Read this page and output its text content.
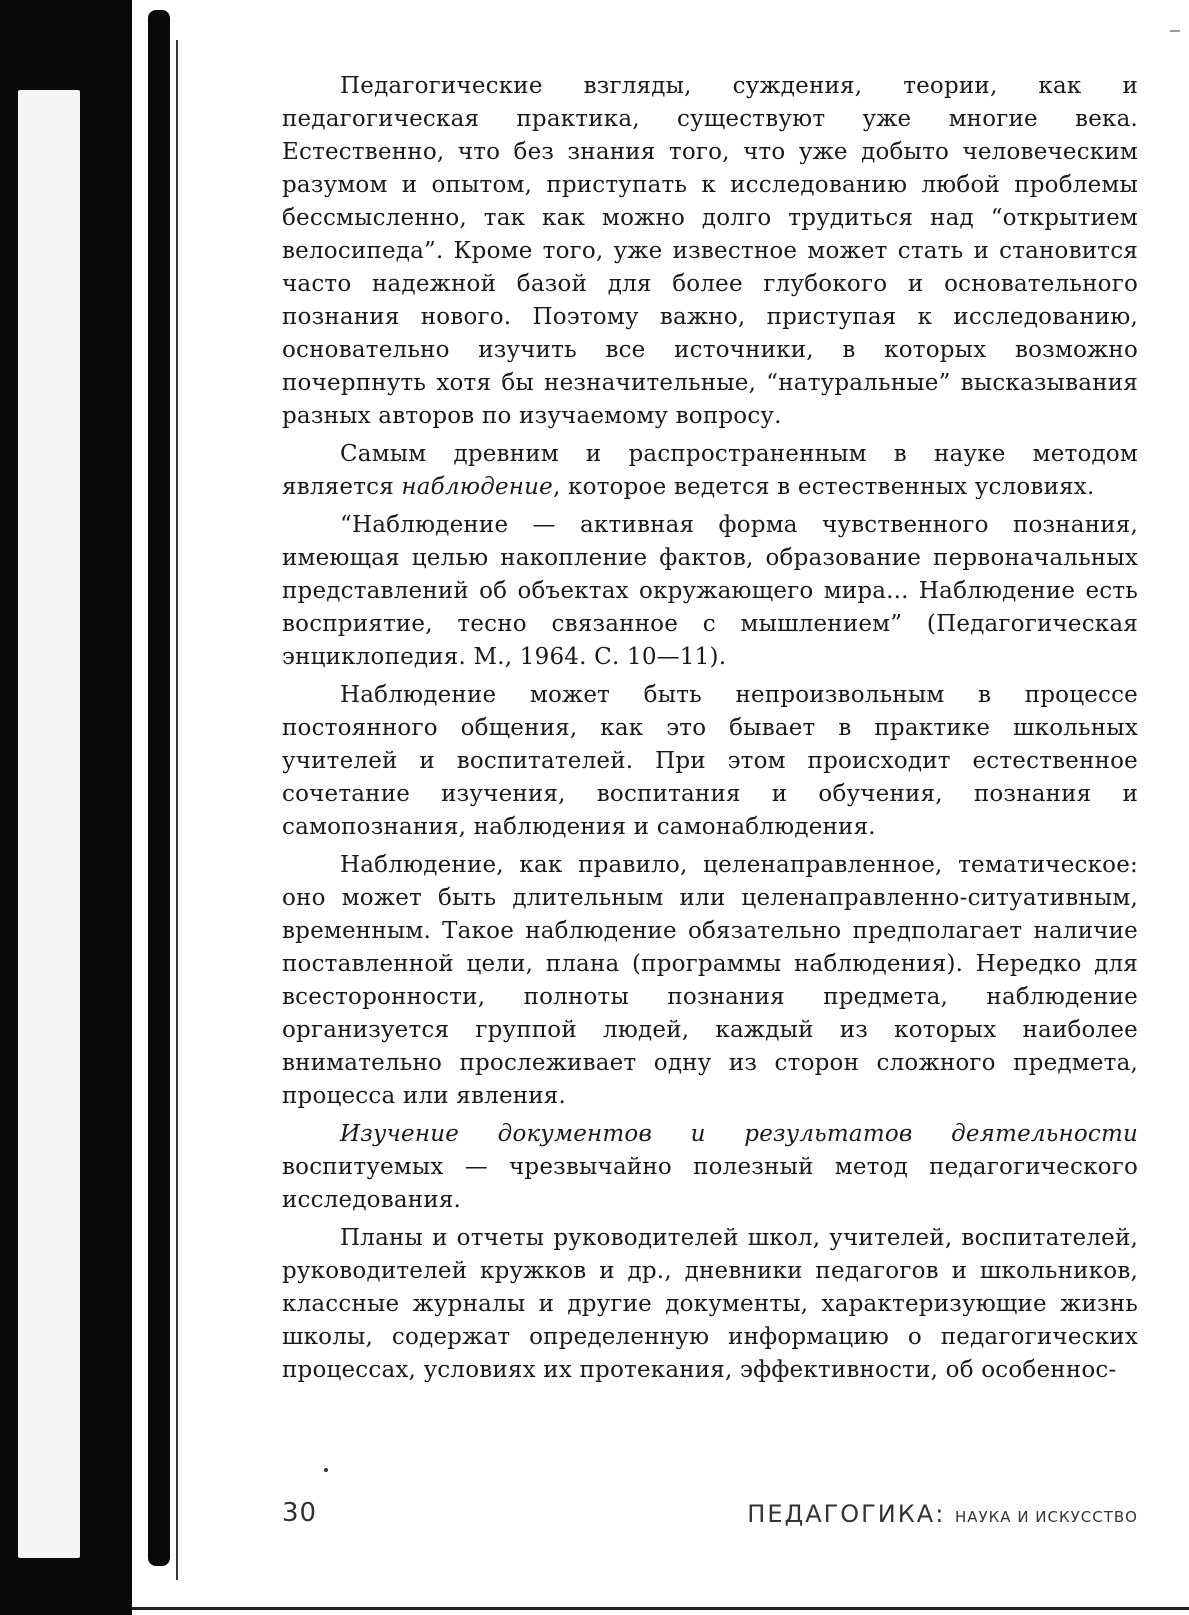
Педагогические взгляды, суждения, теории, как и педагогическая практика, существуют уже многие века. Естественно, что без знания того, что уже добыто человеческим разумом и опытом, приступать к исследованию любой проблемы бессмысленно, так как можно долго трудиться над “открытием велосипеда”. Кроме того, уже известное может стать и становится часто надежной базой для более глубокого и основательного познания нового. Поэтому важно, приступая к исследованию, основательно изучить все источники, в которых возможно почерпнуть хотя бы незначительные, “натуральные” высказывания разных авторов по изучаемому вопросу.

Самым древним и распространенным в науке методом является наблюдение, которое ведется в естественных условиях.

“Наблюдение — активная форма чувственного познания, имеющая целью накопление фактов, образование первоначальных представлений об объектах окружающего мира... Наблюдение есть восприятие, тесно связанное с мышлением” (Педагогическая энциклопедия. М., 1964. С. 10—11).

Наблюдение может быть непроизвольным в процессе постоянного общения, как это бывает в практике школьных учителей и воспитателей. При этом происходит естественное сочетание изучения, воспитания и обучения, познания и самопознания, наблюдения и самонаблюдения.

Наблюдение, как правило, целенаправленное, тематическое: оно может быть длительным или целенаправленно-ситуативным, временным. Такое наблюдение обязательно предполагает наличие поставленной цели, плана (программы наблюдения). Нередко для всесторонности, полноты познания предмета, наблюдение организуется группой людей, каждый из которых наиболее внимательно прослеживает одну из сторон сложного предмета, процесса или явления.

Изучение документов и результатов деятельности воспитуемых — чрезвычайно полезный метод педагогического исследования.

Планы и отчеты руководителей школ, учителей, воспитателей, руководителей кружков и др., дневники педагогов и школьников, классные журналы и другие документы, характеризующие жизнь школы, содержат определенную информацию о педагогических процессах, условиях их протекания, эффективности, об особеннос-

30	ПЕДАГОГИКА: НАУКА И ИСКУССТВО
